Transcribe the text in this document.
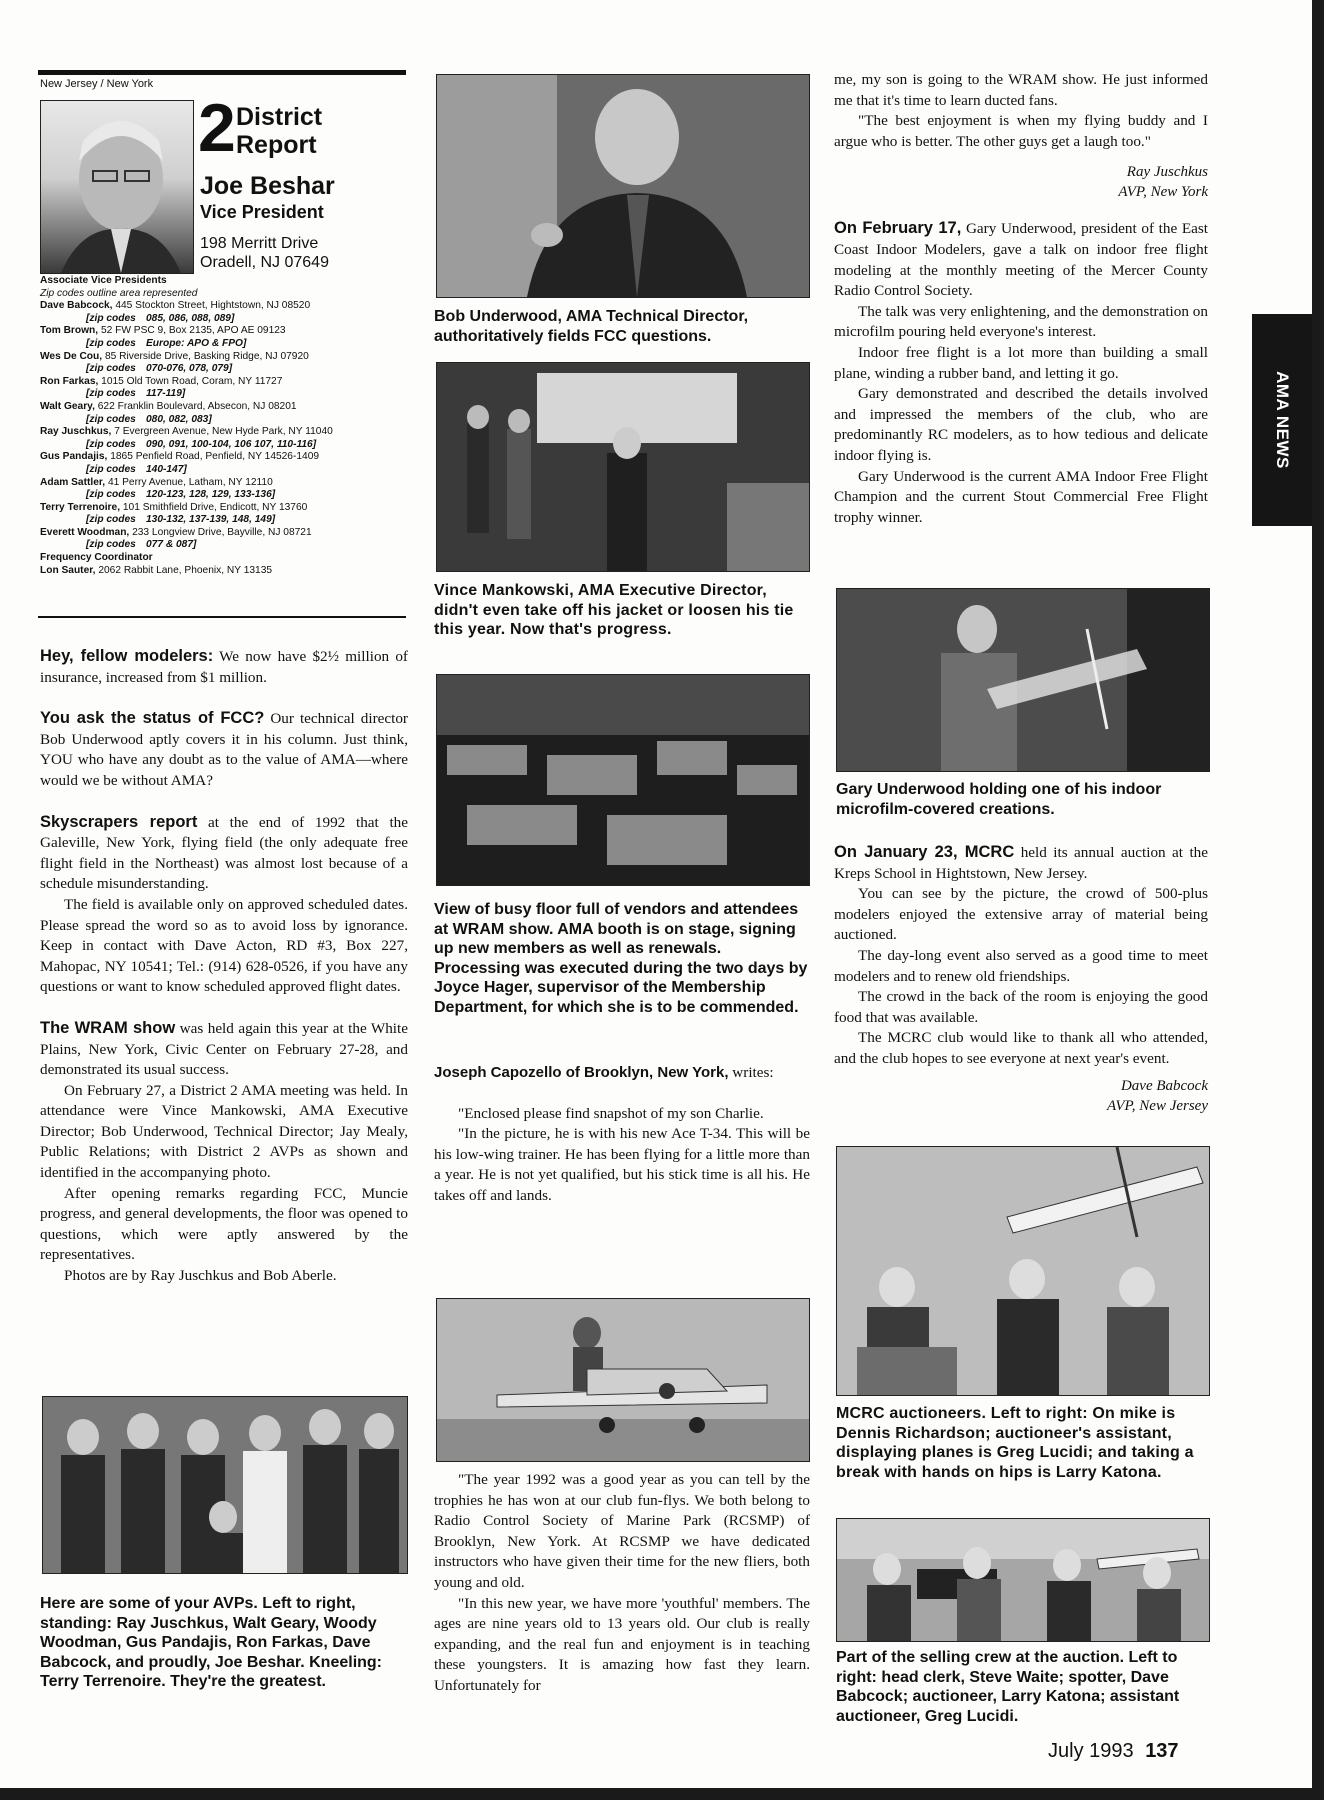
New Jersey / New York
2 District
Report
Joe Beshar
Vice President
198 Merritt Drive
Oradell, NJ 07649
Associate Vice Presidents
Zip codes outline area represented
Dave Babcock, 445 Stockton Street, Hightstown, NJ 08520
[zip codes 085, 086, 088, 089]
Tom Brown, 52 FW PSC 9, Box 2135, APO AE 09123
[zip codes Europe: APO & FPO]
Wes De Cou, 85 Riverside Drive, Basking Ridge, NJ 07920
[zip codes 070-076, 078, 079]
Ron Farkas, 1015 Old Town Road, Coram, NY 11727
[zip codes 117-119]
Walt Geary, 622 Franklin Boulevard, Absecon, NJ 08201
[zip codes 080, 082, 083]
Ray Juschkus, 7 Evergreen Avenue, New Hyde Park, NY 11040
[zip codes 090, 091, 100-104, 106 107, 110-116]
Gus Pandajis, 1865 Penfield Road, Penfield, NY 14526-1409
[zip codes 140-147]
Adam Sattler, 41 Perry Avenue, Latham, NY 12110
[zip codes 120-123, 128, 129, 133-136]
Terry Terrenoire, 101 Smithfield Drive, Endicott, NY 13760
[zip codes 130-132, 137-139, 148, 149]
Everett Woodman, 233 Longview Drive, Bayville, NJ 08721
[zip codes 077 & 087]
Frequency Coordinator
Lon Sauter, 2062 Rabbit Lane, Phoenix, NY 13135

Hey, fellow modelers: We now have $2½ million of insurance, increased from $1 million.

You ask the status of FCC? Our technical director Bob Underwood aptly covers it in his column. Just think, YOU who have any doubt as to the value of AMA—where would we be without AMA?

Skyscrapers report at the end of 1992 that the Galeville, New York, flying field (the only adequate free flight field in the Northeast) was almost lost because of a schedule misunderstanding.

The field is available only on approved scheduled dates. Please spread the word so as to avoid loss by ignorance. Keep in contact with Dave Acton, RD #3, Box 227, Mahopac, NY 10541; Tel.: (914) 628-0526, if you have any questions or want to know scheduled approved flight dates.

The WRAM show was held again this year at the White Plains, New York, Civic Center on February 27-28, and demonstrated its usual success.

On February 27, a District 2 AMA meeting was held. In attendance were Vince Mankowski, AMA Executive Director; Bob Underwood, Technical Director; Jay Mealy, Public Relations; with District 2 AVPs as shown and identified in the accompanying photo.

After opening remarks regarding FCC, Muncie progress, and general developments, the floor was opened to questions, which were aptly answered by the representatives.

Photos are by Ray Juschkus and Bob Aberle.

Here are some of your AVPs. Left to right, standing: Ray Juschkus, Walt Geary, Woody Woodman, Gus Pandajis, Ron Farkas, Dave Babcock, and proudly, Joe Beshar. Kneeling: Terry Terrenoire. They're the greatest.

Bob Underwood, AMA Technical Director, authoritatively fields FCC questions.

Vince Mankowski, AMA Executive Director, didn't even take off his jacket or loosen his tie this year. Now that's progress.

View of busy floor full of vendors and attendees at WRAM show. AMA booth is on stage, signing up new members as well as renewals. Processing was executed during the two days by Joyce Hager, supervisor of the Membership Department, for which she is to be commended.

Joseph Capozello of Brooklyn, New York, writes:

"Enclosed please find snapshot of my son Charlie.

"In the picture, he is with his new Ace T-34. This will be his low-wing trainer. He has been flying for a little more than a year. He is not yet qualified, but his stick time is all his. He takes off and lands.

"The year 1992 was a good year as you can tell by the trophies he has won at our club fun-flys. We both belong to Radio Control Society of Marine Park (RCSMP) of Brooklyn, New York. At RCSMP we have dedicated instructors who have given their time for the new fliers, both young and old.

"In this new year, we have more 'youthful' members. The ages are nine years old to 13 years old. Our club is really expanding, and the real fun and enjoyment is in teaching these youngsters. It is amazing how fast they learn. Unfortunately for

me, my son is going to the WRAM show. He just informed me that it's time to learn ducted fans.

"The best enjoyment is when my flying buddy and I argue who is better. The other guys get a laugh too."

Ray Juschkus

AVP, New York

On February 17, Gary Underwood, president of the East Coast Indoor Modelers, gave a talk on indoor free flight modeling at the monthly meeting of the Mercer County Radio Control Society.

The talk was very enlightening, and the demonstration on microfilm pouring held everyone's interest.

Indoor free flight is a lot more than building a small plane, winding a rubber band, and letting it go.

Gary demonstrated and described the details involved and impressed the members of the club, who are predominantly RC modelers, as to how tedious and delicate indoor flying is.

Gary Underwood is the current AMA Indoor Free Flight Champion and the current Stout Commercial Free Flight trophy winner.

Gary Underwood holding one of his indoor microfilm-covered creations.

On January 23, MCRC held its annual auction at the Kreps School in Hightstown, New Jersey.

You can see by the picture, the crowd of 500-plus modelers enjoyed the extensive array of material being auctioned.

The day-long event also served as a good time to meet modelers and to renew old friendships.

The crowd in the back of the room is enjoying the good food that was available.

The MCRC club would like to thank all who attended, and the club hopes to see everyone at next year's event.

Dave Babcock

AVP, New Jersey

MCRC auctioneers. Left to right: On mike is Dennis Richardson; auctioneer's assistant, displaying planes is Greg Lucidi; and taking a break with hands on hips is Larry Katona.

Part of the selling crew at the auction. Left to right: head clerk, Steve Waite; spotter, Dave Babcock; auctioneer, Larry Katona; assistant auctioneer, Greg Lucidi.

AMA NEWS
July 1993 137
